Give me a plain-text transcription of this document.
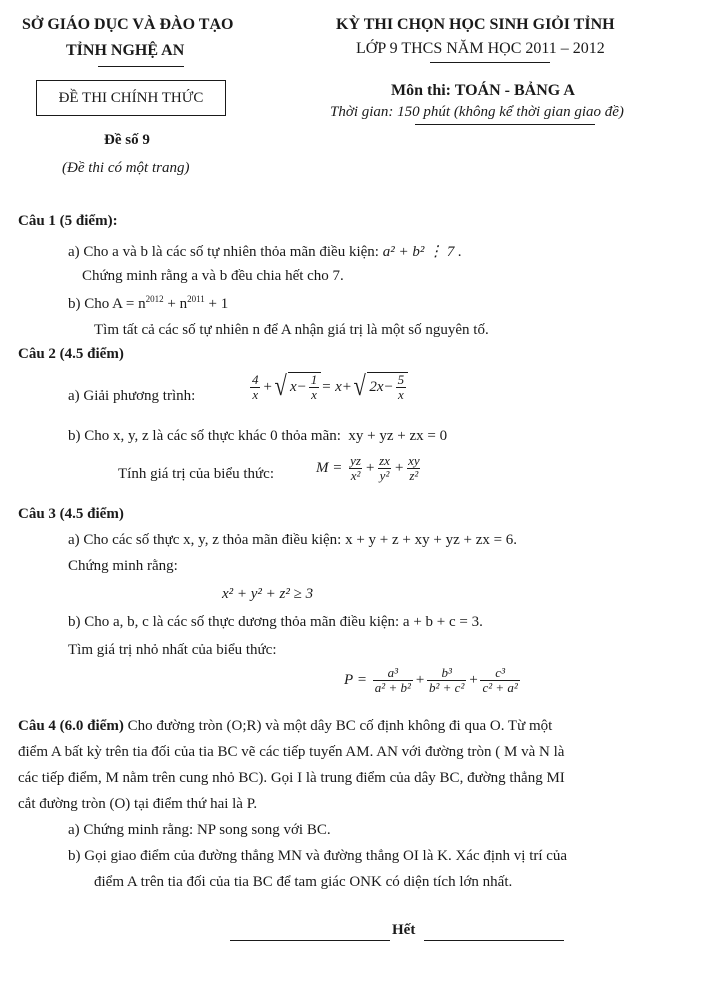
SỞ GIÁO DỤC VÀ ĐÀO TẠO
TỈNH NGHỆ AN
KỲ THI CHỌN HỌC SINH GIỎI TỈNH
LỚP 9 THCS NĂM HỌC 2011 – 2012
ĐỀ THI CHÍNH THỨC	Môn thi: TOÁN - BẢNG A
Thời gian: 150 phút (không kể thời gian giao đề)
Đề số 9
(Đề thi có một trang)
Câu 1 (5 điểm):
a) Cho a và b là các số tự nhiên thỏa mãn điều kiện: a² + b² ⋮ 7 .
Chứng minh rằng a và b đều chia hết cho 7.
b) Cho $A = n^{2012} + n^{2011} + 1$
Tìm tất cả các số tự nhiên n để A nhận giá trị là một số nguyên tố.
Câu 2 (4.5 điểm)
a) Giải phương trình:	$\frac{4}{x}$ + √ $x- \frac{1}{x} = x+$ √ $2x- \frac{5}{x}$
b) Cho x, y, z là các số thực khác 0 thỏa mãn: xy + yz + zx = 0
Tính giá trị của biểu thức:	$M = \frac{yz}{\text{x²}} + \frac{zx}{\text{y²}} + \frac{xy}{\text{z²}}$
Câu 3 (4.5 điểm)
a) Cho các số thực x, y, z thỏa mãn điều kiện: x + y + z + xy + yz + zx = 6.
Chứng minh rằng:
x² + y² + z² ≥ 3
b) Cho a, b, c là các số thực dương thỏa mãn điều kiện: a + b + c = 3.
Tìm giá trị nhỏ nhất của biểu thức:
$P = \frac{\text{a³}}{\text{a² + b²}} + \frac{\text{b³}}{\text{b² + c²}} + \frac{\text{c³}}{\text{c² + a²}}$
Câu 4 (6.0 điểm) Cho đường tròn (O;R) và một dây BC cố định không đi qua O. Từ một
điểm A bất kỳ trên tia đối của tia BC vẽ các tiếp tuyến AM. AN với đường tròn ( M và N là
các tiếp điểm, M nằm trên cung nhỏ BC). Gọi I là trung điểm của dây BC, đường thẳng MI
cắt đường tròn (O) tại điểm thứ hai là P.
a) Chứng minh rằng: NP song song với BC.
b) Gọi giao điểm của đường thẳng MN và đường thẳng OI là K. Xác định vị trí của
điểm A trên tia đối của tia BC để tam giác ONK có diện tích lớn nhất.
Hết
